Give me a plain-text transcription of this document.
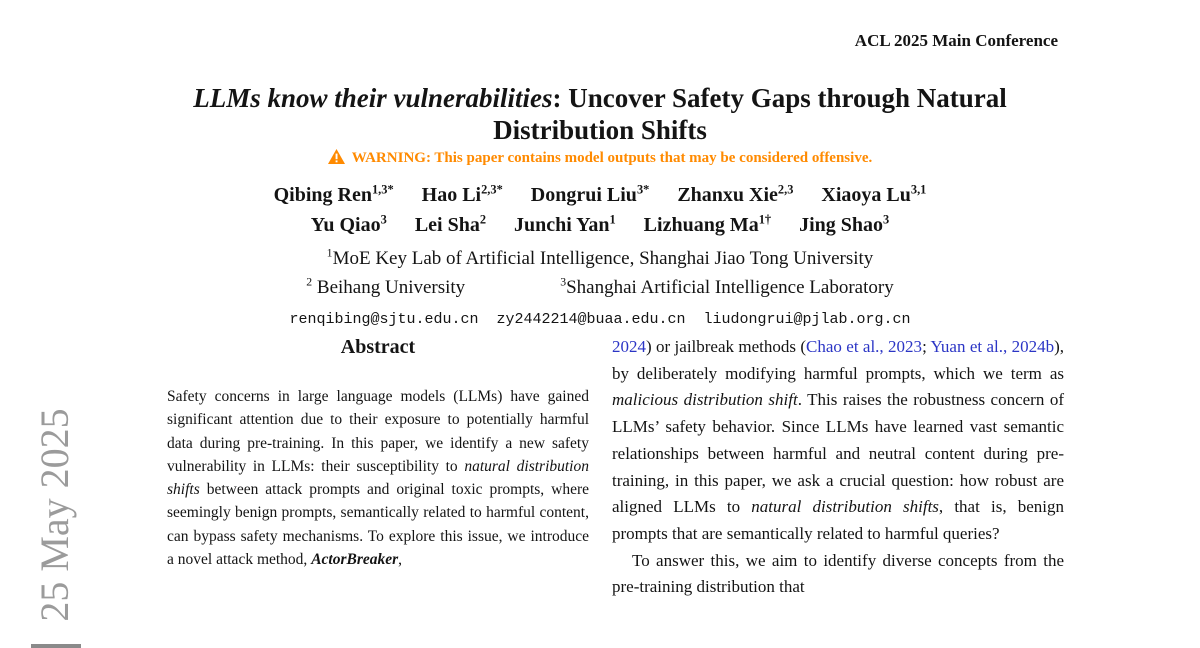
ACL 2025 Main Conference
LLMs know their vulnerabilities: Uncover Safety Gaps through Natural
Distribution Shifts
WARNING: This paper contains model outputs that may be considered offensive.
Qibing Ren$^{1,3*}$ Hao $Li^{2,3*}$ Dongrui Liu$^{3*}$ Zhanxu Xie$^{2,3}$ Xiaoya Lu$^{3,1}$
Yu Qiao$^3$ Lei Sha$^2$ Junchi Yan$^1$ Lizhuang $Ma^{1\dagger}$ Jing Shao$^3$
$^1$MoE Key Lab of Artificial Intelligence, Shanghai Jiao Tong University
$^2$ Beihang University	$^3$Shanghai Artificial Intelligence Laboratory
renqibing@sjtu.edu.cn  zy2442214@buaa.edu.cn  liudongrui@pjlab.org.cn
Abstract

Safety concerns in large language models (LLMs) have gained significant attention due to their exposure to potentially harmful data during pre-training. In this paper, we identify a new safety vulnerability in LLMs: their susceptibility to natural distribution shifts between attack prompts and original toxic prompts, where seemingly benign prompts, semantically related to harmful content, can bypass safety mechanisms. To explore this issue, we introduce a novel attack method, ActorBreaker,

2024) or jailbreak methods (Chao et al., 2023; Yuan et al., 2024b), by deliberately modifying harmful prompts, which we term as malicious distribution shift. This raises the robustness concern of LLMs’ safety behavior. Since LLMs have learned vast semantic relationships between harmful and neutral content during pre-training, in this paper, we ask a crucial question: how robust are aligned LLMs to natural distribution shifts, that is, benign prompts that are semantically related to harmful queries?

To answer this, we aim to identify diverse concepts from the pre-training distribution that

25 May 2025
